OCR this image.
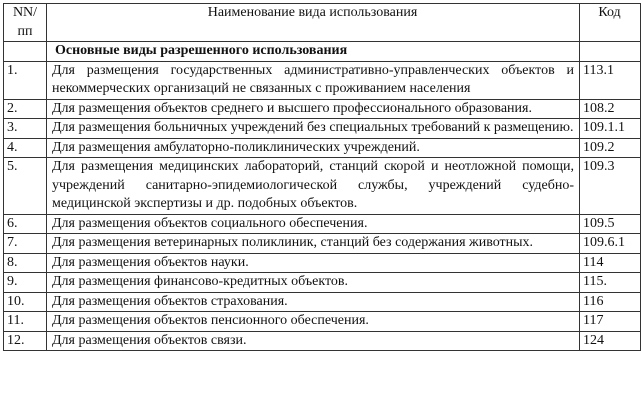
NN/ пп	Наименование вида использования	Код
	Основные виды разрешенного использования	
1.	Для размещения государственных административно-управленческих объектов и некоммерческих организаций не связанных с проживанием населения	113.1
2.	Для размещения объектов среднего и высшего профессионального образования.	108.2
3.	Для размещения больничных учреждений без специальных требований к размещению.	109.1.1
4.	Для размещения амбулаторно-поликлинических учреждений.	109.2
5.	Для размещения медицинских лабораторий, станций скорой и неотложной помощи, учреждений санитарно-эпидемиологической службы, учреждений судебно-медицинской экспертизы и др. подобных объектов.	109.3
6.	Для размещения объектов социального обеспечения.	109.5
7.	Для размещения ветеринарных поликлиник, станций без содержания животных.	109.6.1
8.	Для размещения объектов науки.	114
9.	Для размещения финансово-кредитных объектов.	115.
10.	Для размещения объектов страхования.	116
11.	Для размещения объектов пенсионного обеспечения.	117
12.	Для размещения объектов связи.	124
